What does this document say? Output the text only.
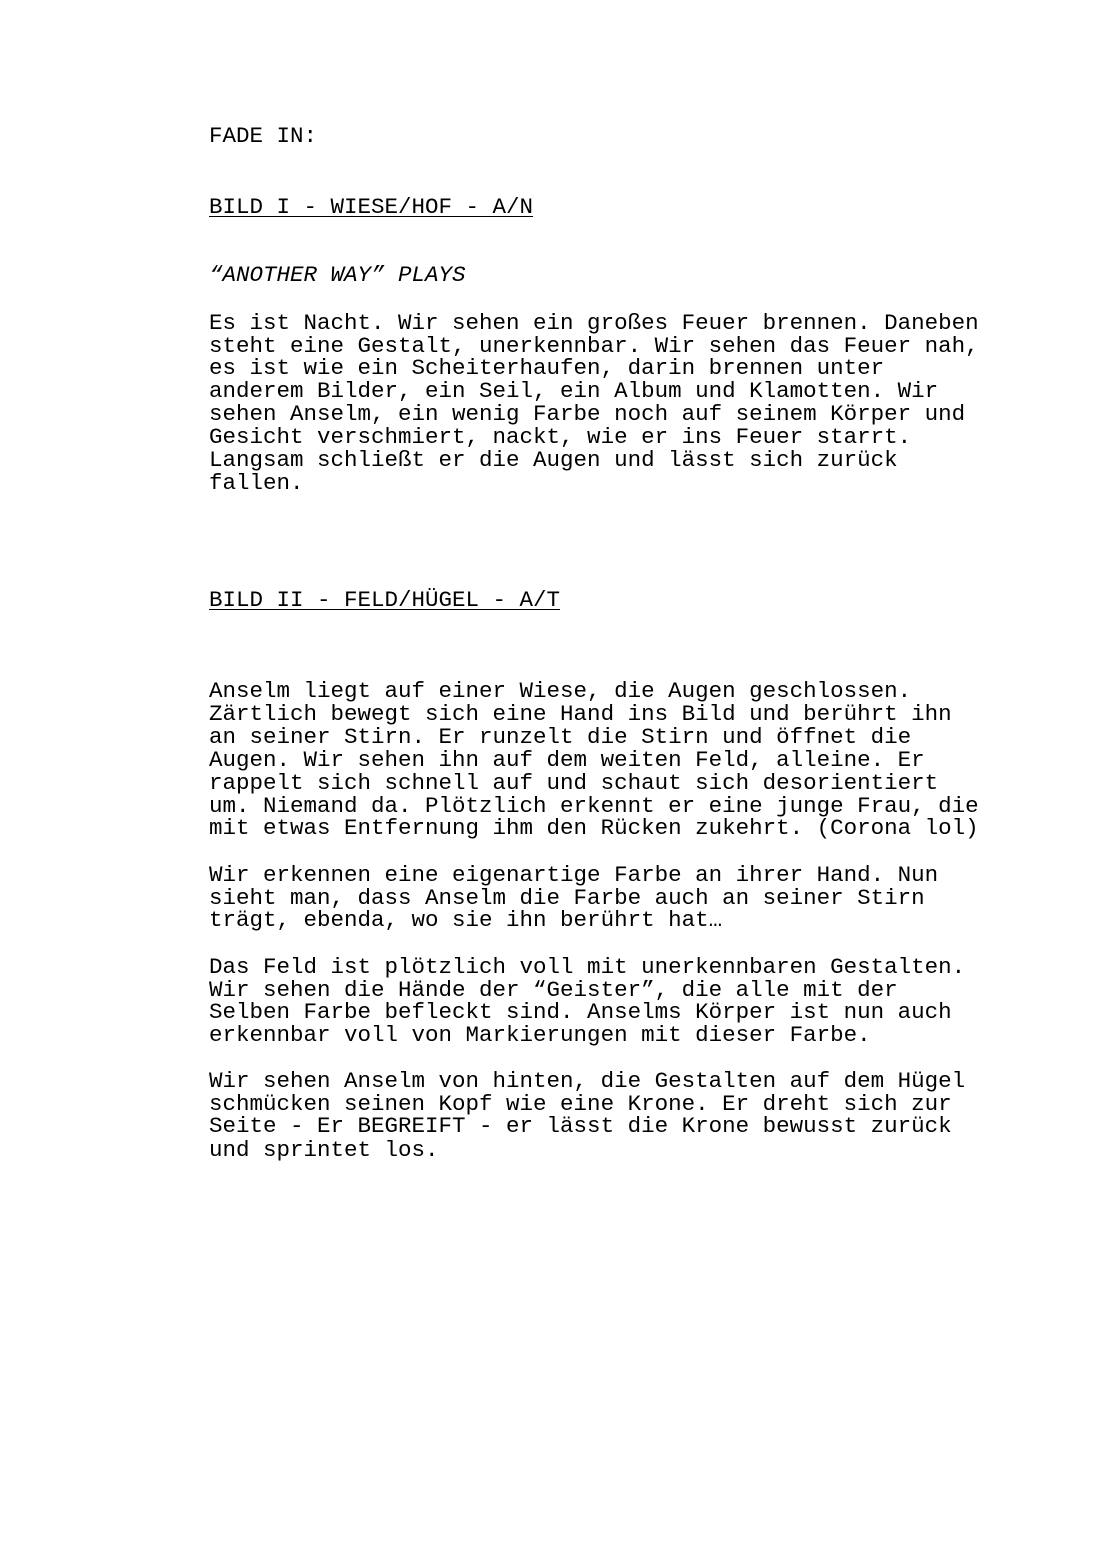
FADE IN:

BILD I - WIESE/HOF - A/N

“ANOTHER WAY” PLAYS

Es ist Nacht. Wir sehen ein großes Feuer brennen. Daneben

steht eine Gestalt, unerkennbar. Wir sehen das Feuer nah,

es ist wie ein Scheiterhaufen, darin brennen unter

anderem Bilder, ein Seil, ein Album und Klamotten. Wir

sehen Anselm, ein wenig Farbe noch auf seinem Körper und

Gesicht verschmiert, nackt, wie er ins Feuer starrt.

Langsam schließt er die Augen und lässt sich zurück

fallen.

BILD II - FELD/HÜGEL - A/T

Anselm liegt auf einer Wiese, die Augen geschlossen.

Zärtlich bewegt sich eine Hand ins Bild und berührt ihn

an seiner Stirn. Er runzelt die Stirn und öffnet die

Augen. Wir sehen ihn auf dem weiten Feld, alleine. Er

rappelt sich schnell auf und schaut sich desorientiert

um. Niemand da. Plötzlich erkennt er eine junge Frau, die

mit etwas Entfernung ihm den Rücken zukehrt. (Corona lol)

Wir erkennen eine eigenartige Farbe an ihrer Hand. Nun

sieht man, dass Anselm die Farbe auch an seiner Stirn

trägt, ebenda, wo sie ihn berührt hat…

Das Feld ist plötzlich voll mit unerkennbaren Gestalten.

Wir sehen die Hände der “Geister”, die alle mit der

Selben Farbe befleckt sind. Anselms Körper ist nun auch

erkennbar voll von Markierungen mit dieser Farbe.

Wir sehen Anselm von hinten, die Gestalten auf dem Hügel

schmücken seinen Kopf wie eine Krone. Er dreht sich zur

Seite - Er BEGREIFT - er lässt die Krone bewusst zurück

und sprintet los.
